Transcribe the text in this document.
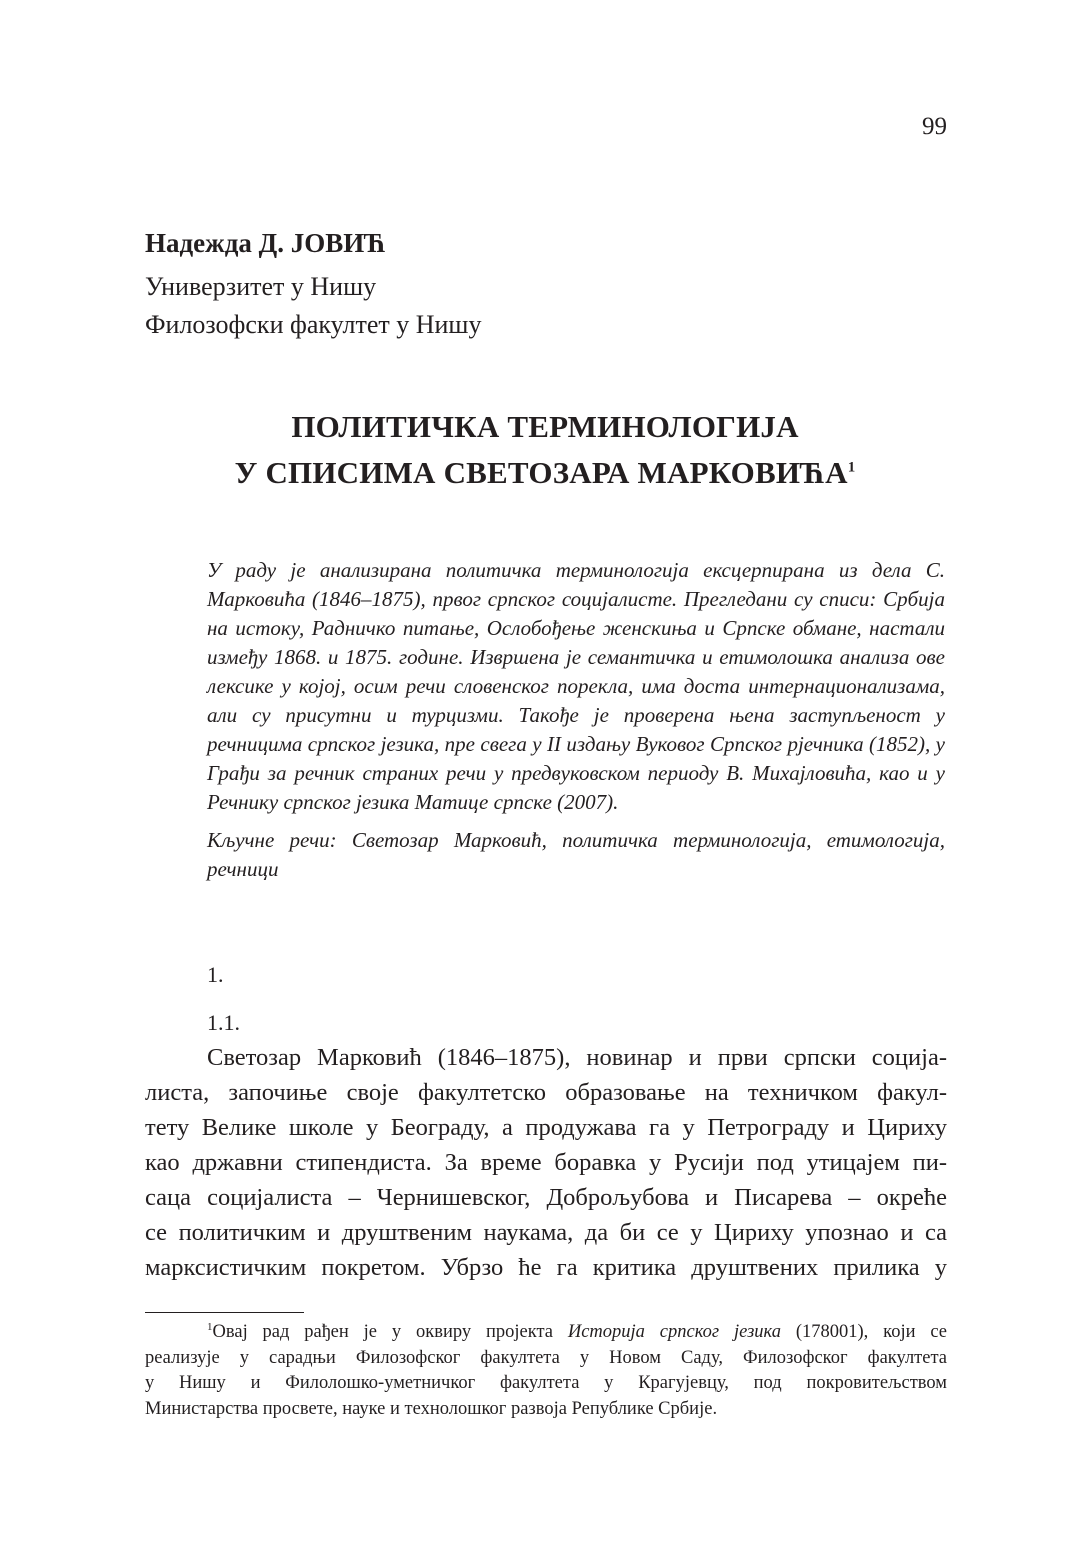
99
Надежда Д. ЈОВИЋ
Универзитет у Нишу
Филозофски факултет у Нишу
ПОЛИТИЧКА ТЕРМИНОЛОГИЈА
У СПИСИМА СВЕТОЗАРА МАРКОВИЋА$^1$

У раду је анализирана политичка терминологија ексцерпирана из дела С. Марковића (1846–1875), првог српског социјалисте. Прегледани су списи: Србија на истоку, Радничко питање, Ослобођење женскиња и Српске обмане, настали између 1868. и 1875. године. Извршена је семантичка и етимолошка анализа ове лексике у којој, осим речи словенског порекла, има доста интернационализама, али су присутни и турцизми. Такође је проверена њена заступљеност у речницима српског језика, пре свега у II издању Вуковог Српског рјечника (1852), у Грађи за речник страних речи у предвуковском периоду В. Михајловића, као и у Речнику српског језика Матице српске (2007).

Кључне речи: Светозар Марковић, политичка терминологија, етимологија, речници

1.
1.1.
Светозар Марковић (1846–1875), новинар и први српски соција-
листа, започиње своје факултетско образовање на техничком факул-
тету Велике школе у Београду, а продужава га у Петрограду и Цириху
као државни стипендиста. За време боравка у Русији под утицајем пи-
саца социјалиста – Чернишевског, Доброљубова и Писарева – окреће
се политичким и друштвеним наукама, да би се у Цириху упознао и са
марксистичким покретом. Убрзо ће га критика друштвених прилика у
$^1$Овај рад рађен је у оквиру пројекта Историја српског језика (178001), који се
реализује у сарадњи Филозофског факултета у Новом Саду, Филозофског факултета
у Нишу и Филолошко-уметничког факултета у Крагујевцу, под покровитељством
Министарства просвете, науке и технолошког развоја Републике Србије.
